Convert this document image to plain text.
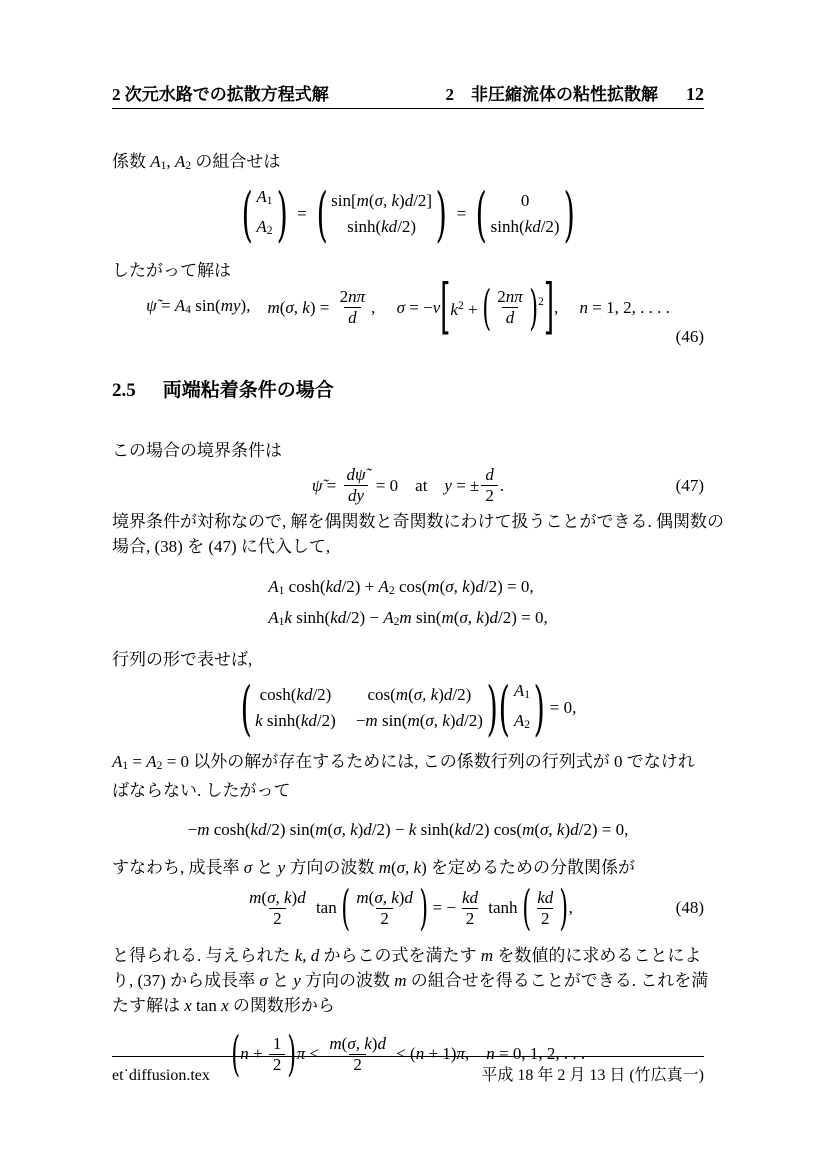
2 次元水路での拡散方程式解	2　非圧縮流体の粘性拡散解 12

係数 A1, A2 の組合せは

( A1
A2 ) = ( sin[m(σ, k)d/2]
sinh(kd/2) ) = ( 0
sinh(kd/2) )

したがって解は

ψ̃ = A4 sin(my), m(σ, $k) = \frac{2n\pi}{d}$ , σ = −ν [ $k^2$ + ( $\frac{2n\pi}{d}$ ) 2 ] , n = 1, 2, . . . .
(46)
2.5 両端粘着条件の場合

この場合の境界条件は

ψ̃ = $\frac{d\psĩ}{dy} = 0$    at y = ± $\frac{d}{2}$ .	(47)

境界条件が対称なので, 解を偶関数と奇関数にわけて扱うことができる. 偶関数の
場合, (38) を (47) に代入して,

A1 cosh(kd/2) + A2 cos(m(σ, k)d/2) = 0,
A1k sinh(kd/2) − A2m sin(m(σ, k)d/2) = 0,

行列の形で表せば,

( cosh(kd/2)	cos(m(σ, k)d/2)
k sinh(kd/2) −m sin(m(σ, k)d/2) ) ( A1
A2 ) = 0,

A1 = A2 = 0 以外の解が存在するためには, この係数行列の行列式が 0 でなけれ
ばならない. したがって

−m cosh(kd/2) sin(m(σ, k)d/2) − k sinh(kd/2) cos(m(σ, k)d/2) = 0,

すなわち, 成長率 σ と y 方向の波数 m(σ, k) を定めるための分散関係が

$\frac{m(\sigma, k)d}{2}$ tan ( $\frac{m(\sigma, k)d}{2}$ ) = − $\frac{kd}{2}$ tanh ( $\frac{kd}{2}$ ) ,	(48)

と得られる. 与えられた k, d からこの式を満たす m を数値的に求めることによ
り, (37) から成長率 σ と y 方向の波数 m の組合せを得ることができる. これを満
たす解は x tan x の関数形から

( $n + \frac{1}{2}$ ) $\pi < \frac{m(\sigma, k)d}{2} < (n + 1)\pi$,	n = 0, 1, 2, . . .
et˙diffusion.tex	平成 18 年 2 月 13 日 (竹広真一)
